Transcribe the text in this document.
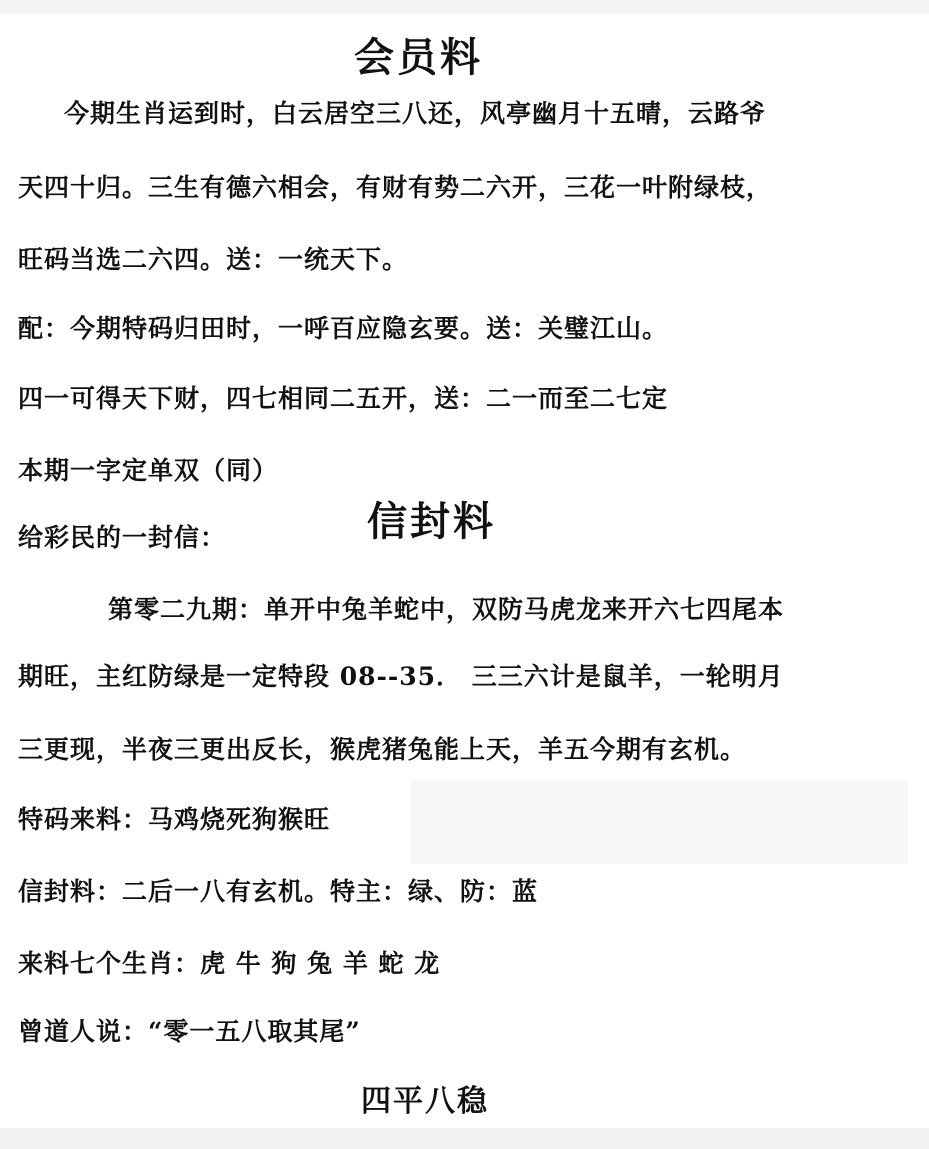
会员料
今期生肖运到时，白云居空三八还，风亭幽月十五晴，云路爷
天四十归。三生有德六相会，有财有势二六开，三花一叶附绿枝，
旺码当选二六四。送：一统天下。
配：今期特码归田时，一呼百应隐玄要。送：关璧江山。
四一可得天下财，四七相同二五开，送：二一而至二七定
本期一字定单双（同）
给彩民的一封信：	信封料
第零二九期：单开中兔羊蛇中，双防马虎龙来开六七四尾本
期旺，主红防绿是一定特段 08--35． 三三六计是鼠羊，一轮明月
三更现，半夜三更出反长，猴虎猪兔能上天，羊五今期有玄机。
特码来料：马鸡烧死狗猴旺
信封料：二后一八有玄机。特主：绿、防：蓝
来料七个生肖：虎 牛 狗 兔 羊 蛇 龙
曾道人说：“零一五八取其尾”
四平八稳
